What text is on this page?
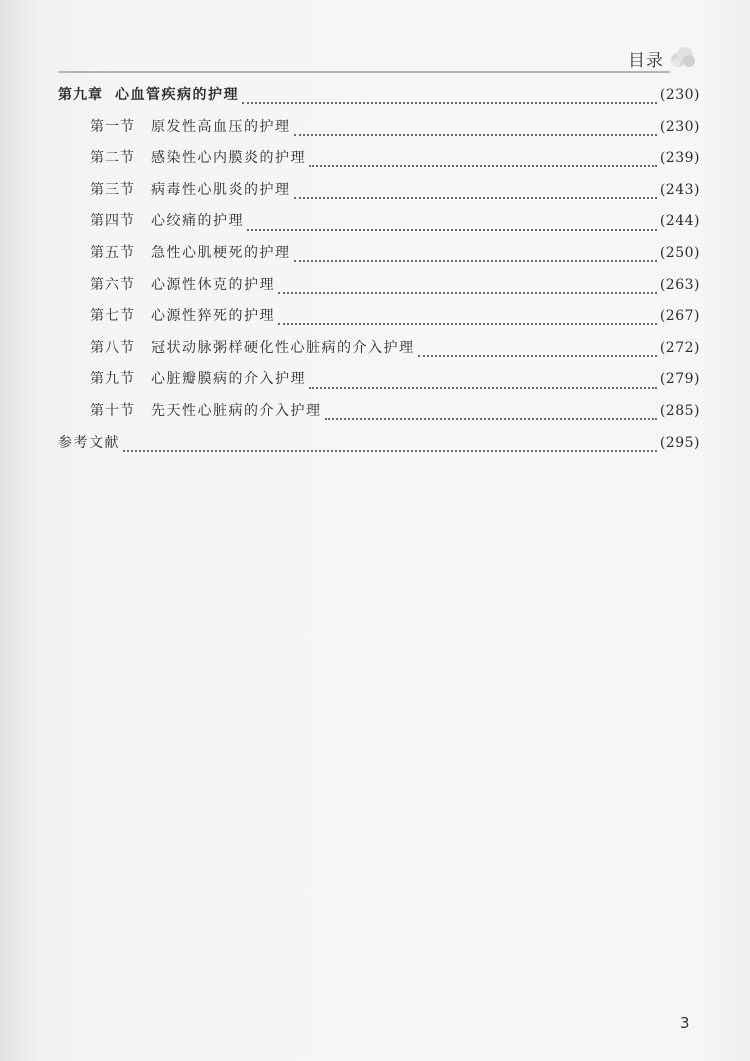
目录
第九章 心血管疾病的护理	(230)
第一节 原发性高血压的护理	(230)
第二节 感染性心内膜炎的护理	(239)
第三节 病毒性心肌炎的护理	(243)
第四节 心绞痛的护理	(244)
第五节 急性心肌梗死的护理	(250)
第六节 心源性休克的护理	(263)
第七节 心源性猝死的护理	(267)
第八节 冠状动脉粥样硬化性心脏病的介入护理	(272)
第九节 心脏瓣膜病的介入护理	(279)
第十节 先天性心脏病的介入护理	(285)
参考文献	(295)
3
